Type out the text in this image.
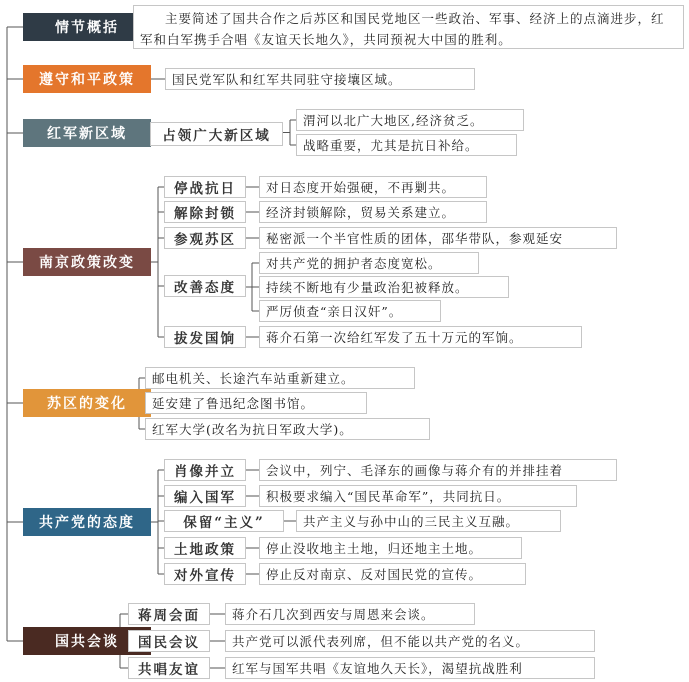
情节概括
主要简述了国共合作之后苏区和国民党地区一些政治、军事、经济上的点滴进步，红军和白军携手合唱《友谊天长地久》，共同预祝大中国的胜利。
遵守和平政策	国民党军队和红军共同驻守接壤区域。
红军新区域	占领广大新区域
渭河以北广大地区,经济贫乏。
战略重要，尤其是抗日补给。
南京政策改变
停战抗日	对日态度开始强硬，不再剿共。
解除封锁	经济封锁解除，贸易关系建立。
参观苏区	秘密派一个半官性质的团体，邵华带队，参观延安
改善态度
对共产党的拥护者态度宽松。
持续不断地有少量政治犯被释放。
严厉侦查“亲日汉奸”。
拔发国饷	蒋介石第一次给红军发了五十万元的军饷。
苏区的变化
邮电机关、长途汽车站重新建立。
延安建了鲁迅纪念图书馆。
红军大学(改名为抗日军政大学)。
共产党的态度
肖像并立	会议中，列宁、毛泽东的画像与蒋介有的并排挂着
编入国军	积极要求编入“国民革命军”，共同抗日。
保留“主义”	共产主义与孙中山的三民主义互融。
土地政策	停止没收地主土地，归还地主土地。
对外宣传	停止反对南京、反对国民党的宣传。
国共会谈
蒋周会面	蒋介石几次到西安与周恩来会谈。
国民会议	共产党可以派代表列席，但不能以共产党的名义。
共唱友谊	红军与国军共唱《友谊地久天长》，渴望抗战胜利
